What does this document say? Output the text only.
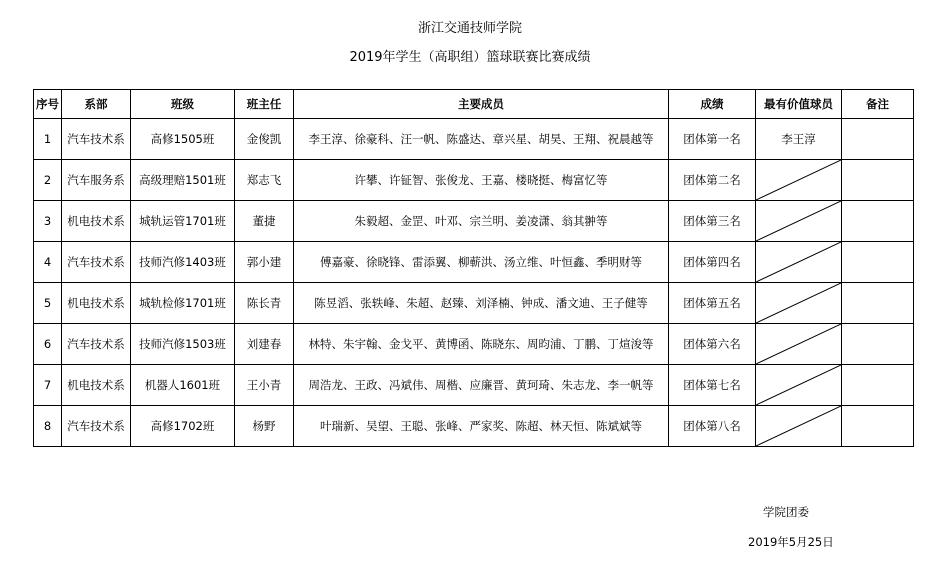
浙江交通技师学院
2019年学生（高职组）篮球联赛比赛成绩
序号	系部	班级	班主任	主要成员	成绩	最有价值球员	备注
1	汽车技术系	高修1505班	金俊凯	李王淳、徐豪科、汪一帆、陈盛达、章兴星、胡昊、王翔、祝晨越等	团体第一名	李王淳	
2	汽车服务系	高级理赔1501班	郑志飞	许攀、许钲智、张俊龙、王嘉、楼晓挺、梅富忆等	团体第二名	

3	机电技术系	城轨运管1701班	董捷	朱毅超、金罡、叶邓、宗兰明、姜凌潇、翁其翀等	团体第三名	

4	汽车技术系	技师汽修1403班	郭小建	傅嘉豪、徐晓锋、雷添翼、柳蕲洪、汤立维、叶恒鑫、季明财等	团体第四名	

5	机电技术系	城轨检修1701班	陈长青	陈昱滔、张轶峰、朱超、赵臻、刘泽楠、钟成、潘文迪、王子健等	团体第五名	

6	汽车技术系	技师汽修1503班	刘建春	林特、朱宇翰、金戈平、黄博函、陈晓东、周昀浦、丁鹏、丁煊浚等	团体第六名	

7	机电技术系	机器人1601班	王小青	周浩龙、王政、冯斌伟、周楷、应廉晋、黄珂琦、朱志龙、李一帆等	团体第七名	

8	汽车技术系	高修1702班	杨野	叶瑞新、吴望、王聪、张峰、严家奖、陈超、林天恒、陈斌斌等	团体第八名	

学院团委
2019年5月25日
